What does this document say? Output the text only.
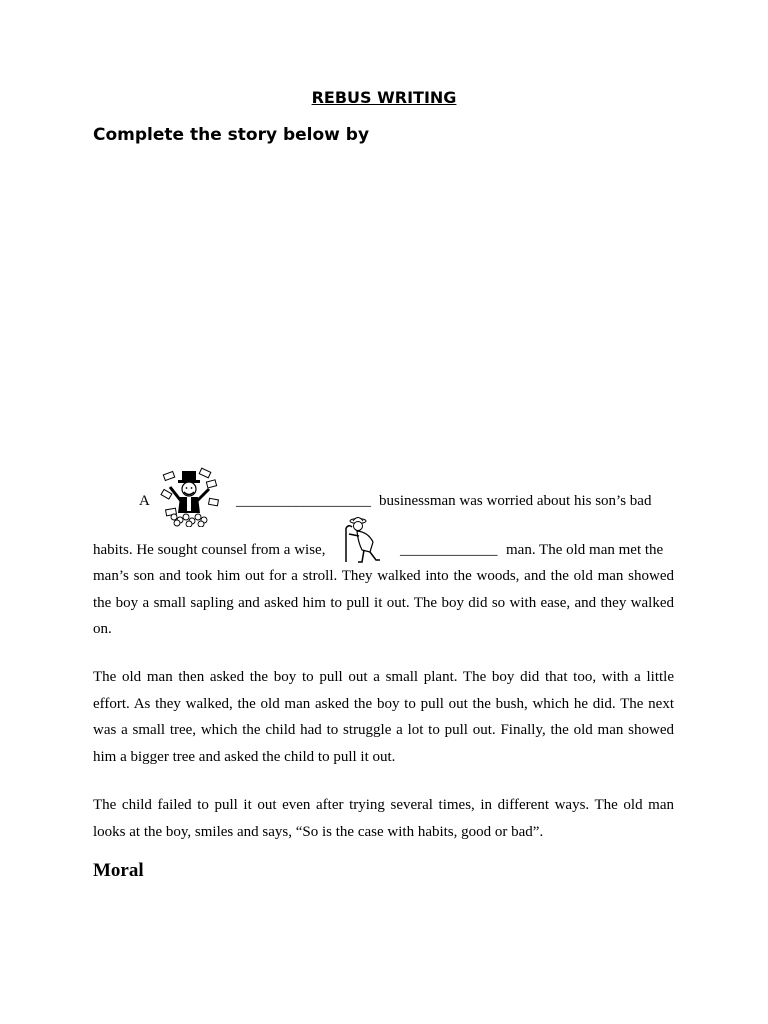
REBUS WRITING
Complete the story below by
A	__________________ businessman was worried about his son’s bad
habits. He sought counsel from a wise,	_____________ man. The old man met the

man’s son and took him out for a stroll. They walked into the woods, and the old man showed the boy a small sapling and asked him to pull it out. The boy did so with ease, and they walked on.

The old man then asked the boy to pull out a small plant. The boy did that too, with a little effort. As they walked, the old man asked the boy to pull out the bush, which he did. The next was a small tree, which the child had to struggle a lot to pull out. Finally, the old man showed him a bigger tree and asked the child to pull it out.

The child failed to pull it out even after trying several times, in different ways. The old man looks at the boy, smiles and says, “So is the case with habits, good or bad”.

Moral
